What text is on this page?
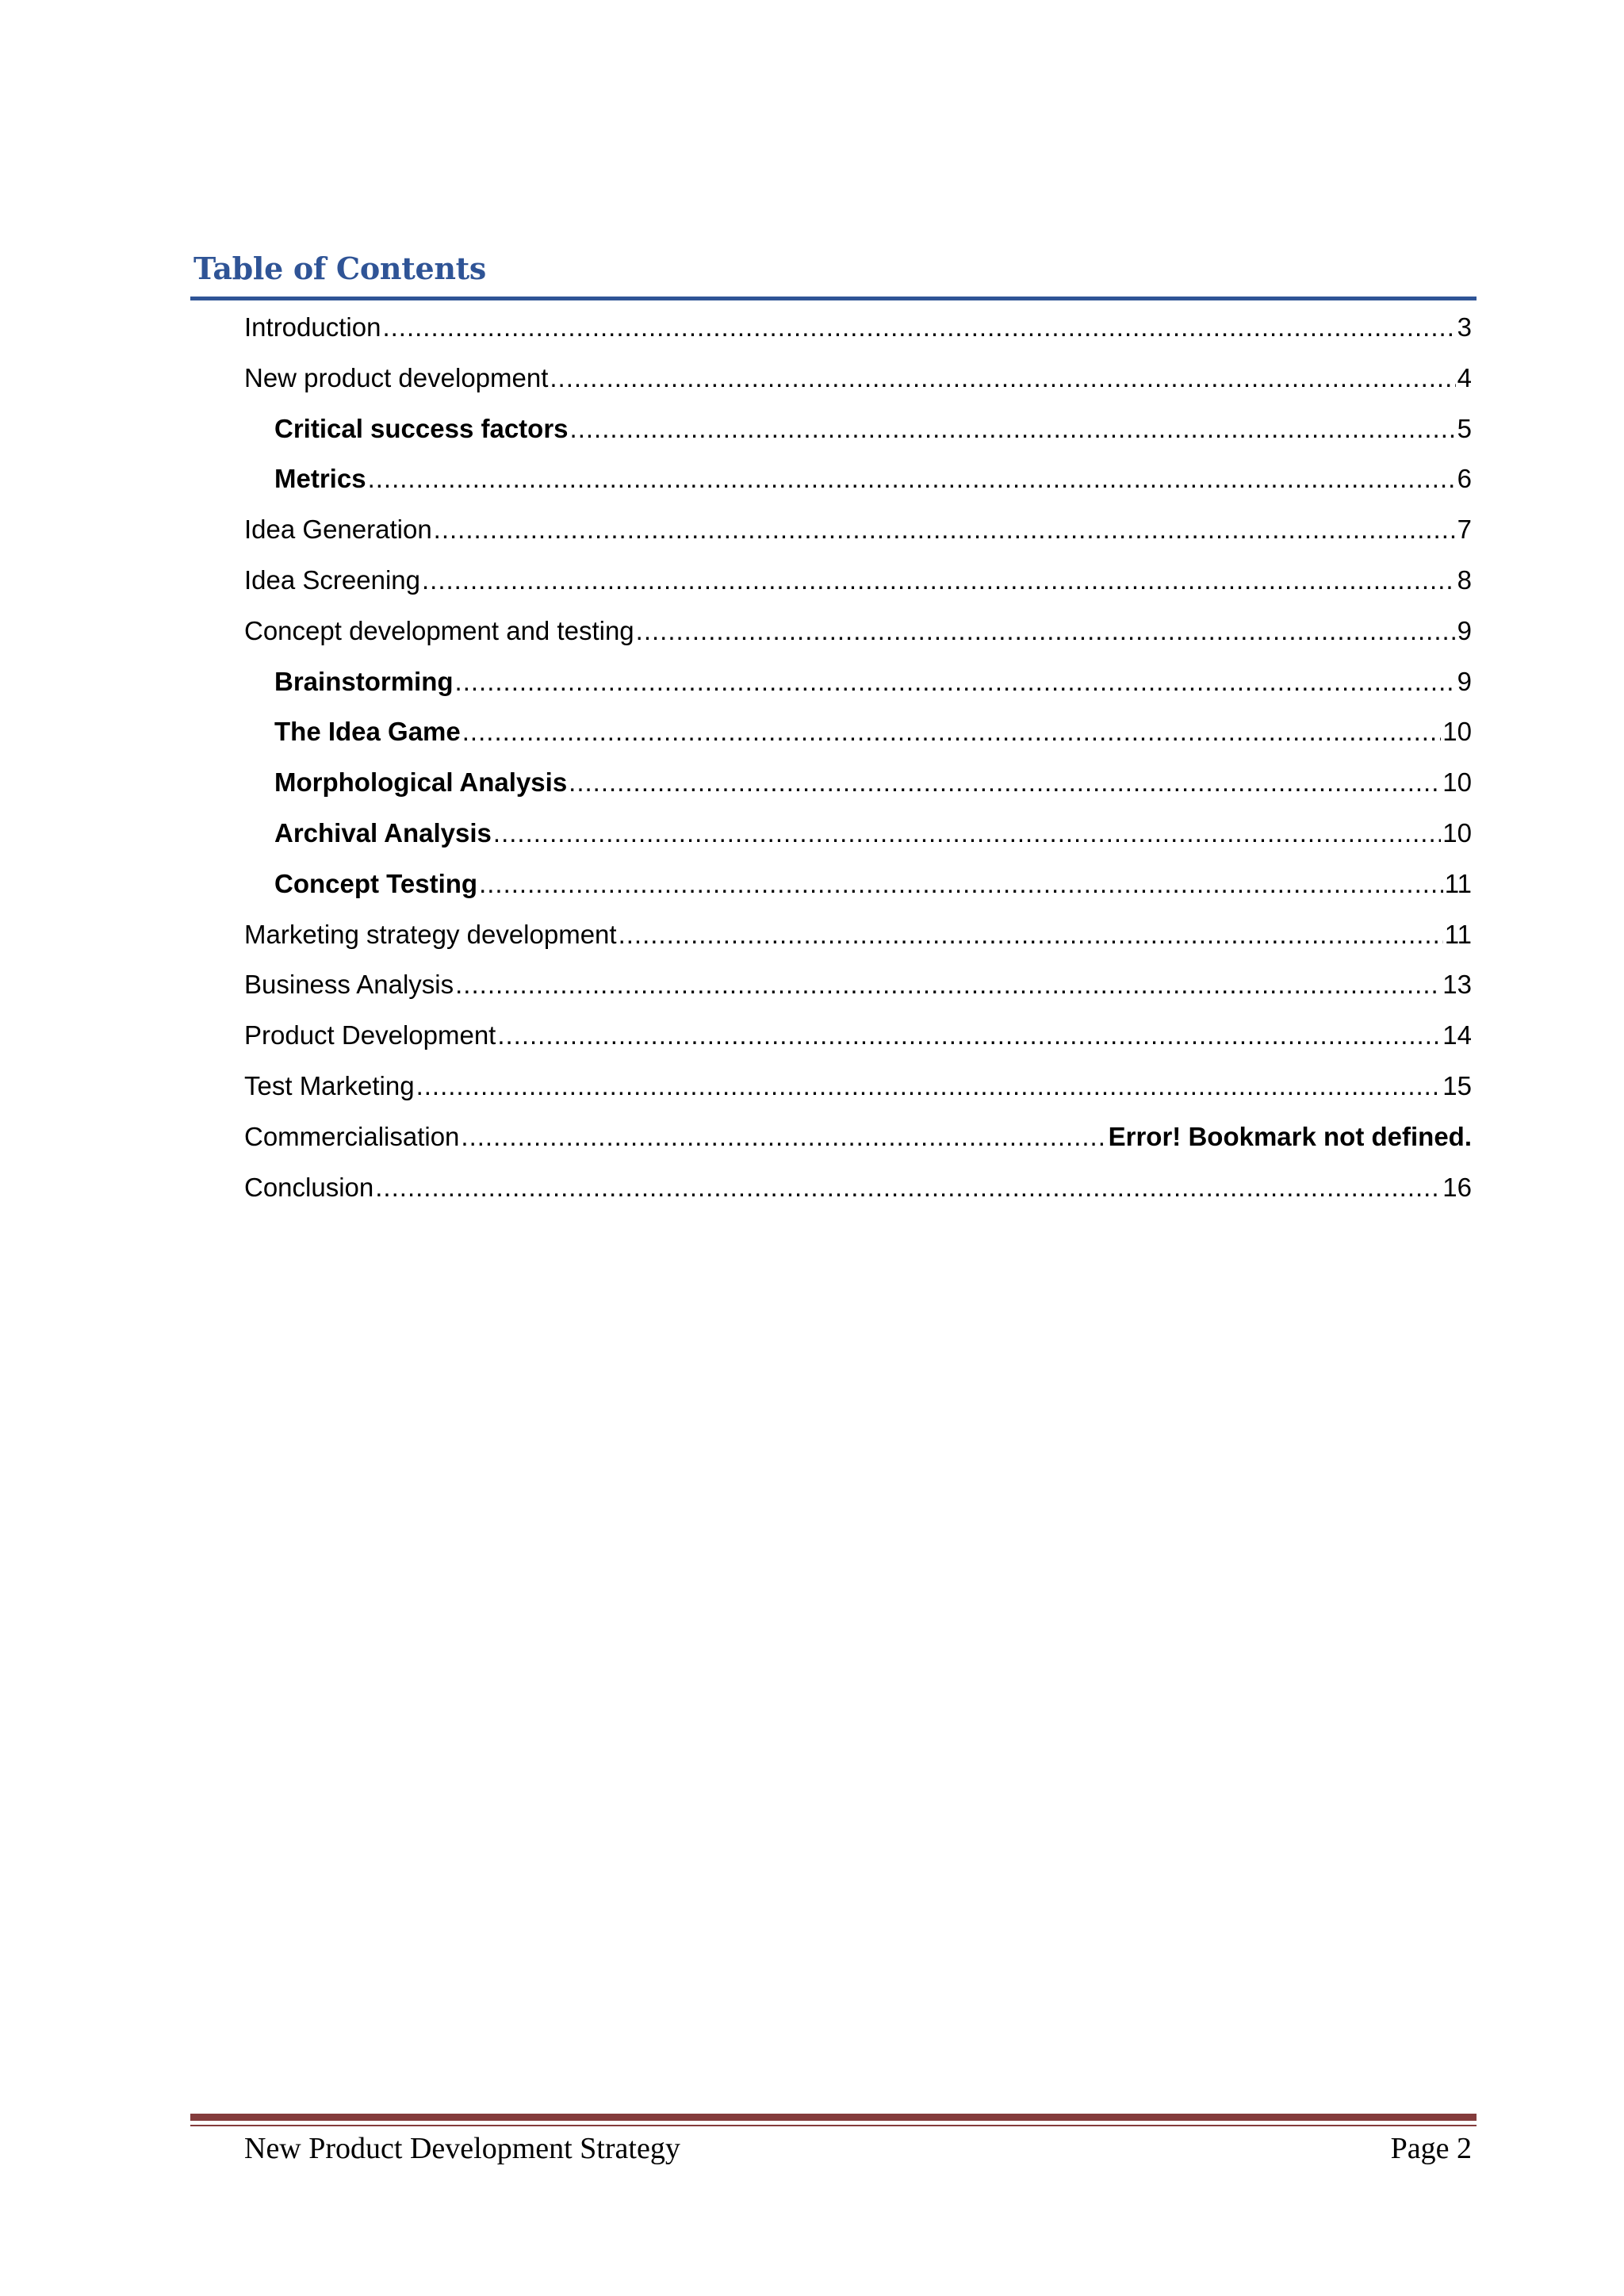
Table of Contents
Introduction .....	3
New product development .....	4
Critical success factors .....	5
Metrics .....	6
Idea Generation .....	7
Idea Screening .....	8
Concept development and testing .....	9
Brainstorming .....	9
The Idea Game .....	10
Morphological Analysis .....	10
Archival Analysis .....	10
Concept Testing .....	11
Marketing strategy development .....	11
Business Analysis .....	13
Product Development .....	14
Test Marketing .....	15
Commercialisation .....	Error! Bookmark not defined.
Conclusion .....	16
New Product Development Strategy	Page 2
